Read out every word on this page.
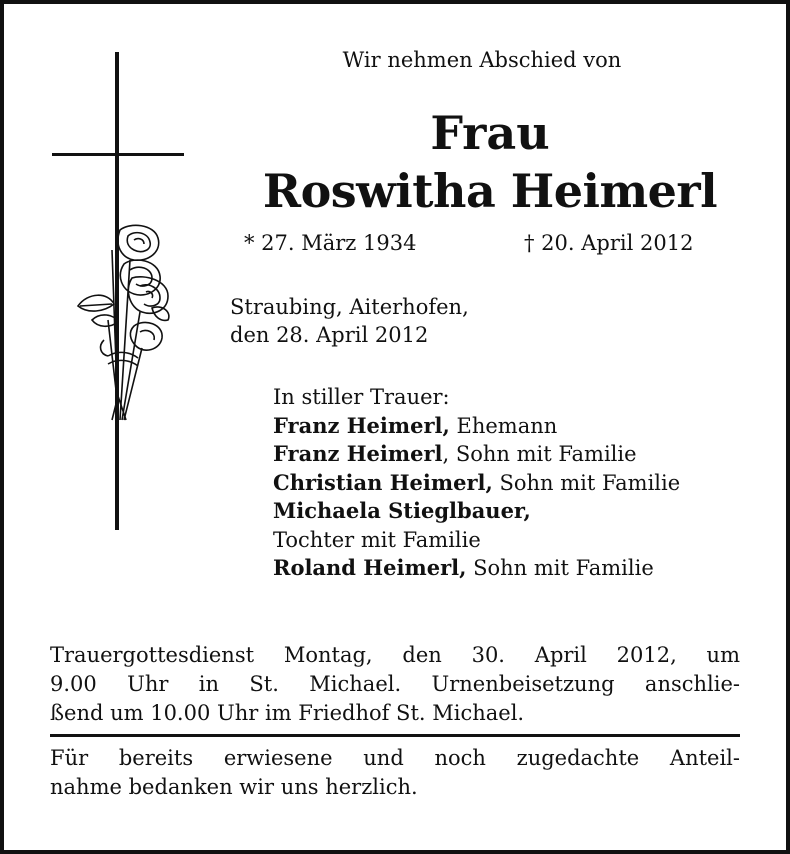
Wir nehmen Abschied von
Frau
Roswitha Heimerl
* 27. März 1934	† 20. April 2012
Straubing, Aiterhofen,
den 28. April 2012
In stiller Trauer:
Franz Heimerl, Ehemann
Franz Heimerl, Sohn mit Familie
Christian Heimerl, Sohn mit Familie
Michaela Stieglbauer,
Tochter mit Familie
Roland Heimerl, Sohn mit Familie
Trauergottesdienst Montag, den 30. April 2012, um
9.00 Uhr in St. Michael. Urnenbeisetzung anschlie-
ßend um 10.00 Uhr im Friedhof St. Michael.
Für bereits erwiesene und noch zugedachte Anteil-
nahme bedanken wir uns herzlich.
